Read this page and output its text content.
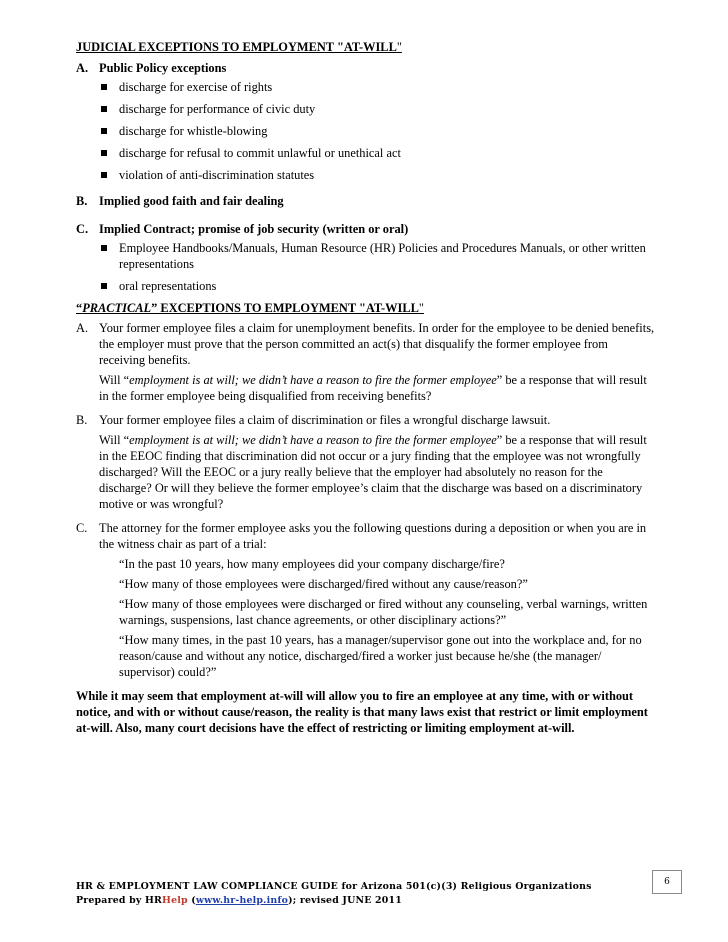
JUDICIAL EXCEPTIONS TO EMPLOYMENT "AT-WILL"

A. Public Policy exceptions
discharge for exercise of rights
discharge for performance of civic duty
discharge for whistle-blowing
discharge for refusal to commit unlawful or unethical act
violation of anti-discrimination statutes
B. Implied good faith and fair dealing
C. Implied Contract; promise of job security (written or oral)
Employee Handbooks/Manuals, Human Resource (HR) Policies and Procedures Manuals, or other written representations
oral representations

“PRACTICAL” EXCEPTIONS TO EMPLOYMENT "AT-WILL"

A. Your former employee files a claim for unemployment benefits. In order for the employee to be denied benefits, the employer must prove that the person committed an act(s) that disqualify the former employee from receiving benefits.

Will “employment is at will; we didn’t have a reason to fire the former employee” be a response that will result in the former employee being disqualified from receiving benefits?

B. Your former employee files a claim of discrimination or files a wrongful discharge lawsuit.

Will “employment is at will; we didn’t have a reason to fire the former employee” be a response that will result in the EEOC finding that discrimination did not occur or a jury finding that the employee was not wrongfully discharged? Will the EEOC or a jury really believe that the employer had absolutely no reason for the discharge? Or will they believe the former employee’s claim that the discharge was based on a discriminatory motive or was wrongful?

C. The attorney for the former employee asks you the following questions during a deposition or when you are in the witness chair as part of a trial:

“In the past 10 years, how many employees did your company discharge/fire?

“How many of those employees were discharged/fired without any cause/reason?”

“How many of those employees were discharged or fired without any counseling, verbal warnings, written warnings, suspensions, last chance agreements, or other disciplinary actions?”

“How many times, in the past 10 years, has a manager/supervisor gone out into the workplace and, for no reason/cause and without any notice, discharged/fired a worker just because he/she (the manager/ supervisor) could?”

While it may seem that employment at-will will allow you to fire an employee at any time, with or without notice, and with or without cause/reason, the reality is that many laws exist that restrict or limit employment at-will. Also, many court decisions have the effect of restricting or limiting employment at-will.

6
HR & EMPLOYMENT LAW COMPLIANCE GUIDE for Arizona 501(c)(3) Religious Organizations
Prepared by HRHelp (www.hr-help.info); revised JUNE 2011
